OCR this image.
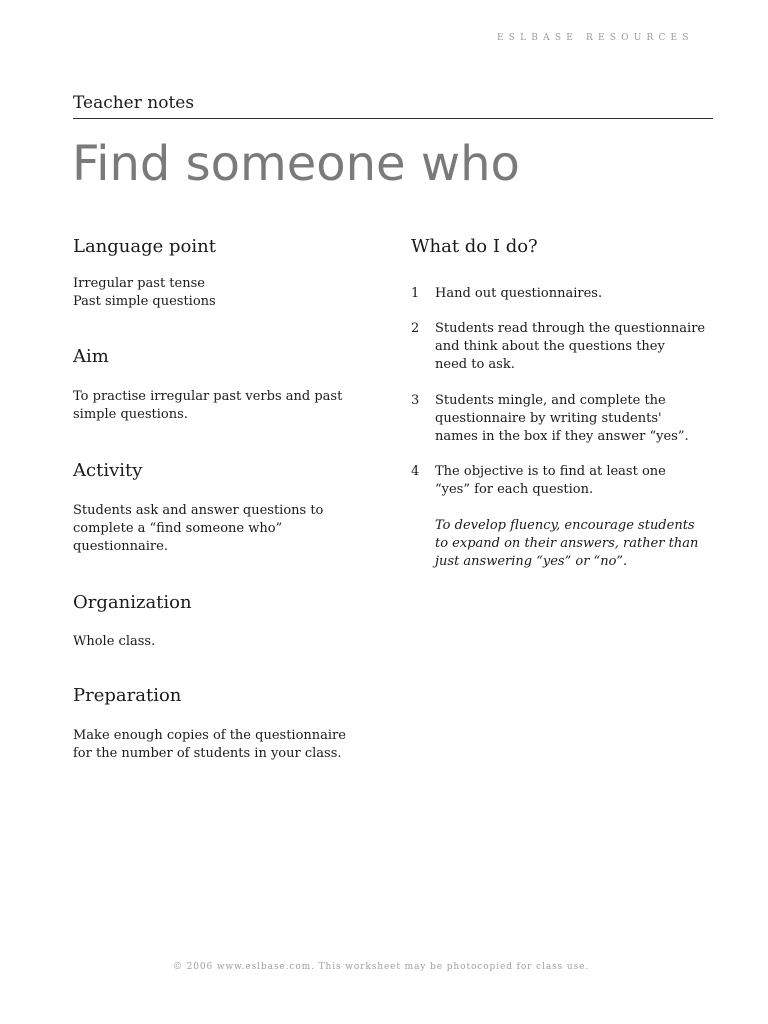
ESLBASE RESOURCES
Teacher notes
Find someone who
Language point
Irregular past tense
Past simple questions
Aim
To practise irregular past verbs and past
simple questions.
Activity
Students ask and answer questions to
complete a “find someone who”
questionnaire.
Organization
Whole class.
Preparation
Make enough copies of the questionnaire
for the number of students in your class.
What do I do?
1 Hand out questionnaires.
2 Students read through the questionnaire
and think about the questions they
need to ask.
3 Students mingle, and complete the
questionnaire by writing students'
names in the box if they answer “yes”.
4 The objective is to find at least one
“yes” for each question.
To develop fluency, encourage students
to expand on their answers, rather than
just answering “yes” or “no”.
© 2006 www.eslbase.com. This worksheet may be photocopied for class use.
